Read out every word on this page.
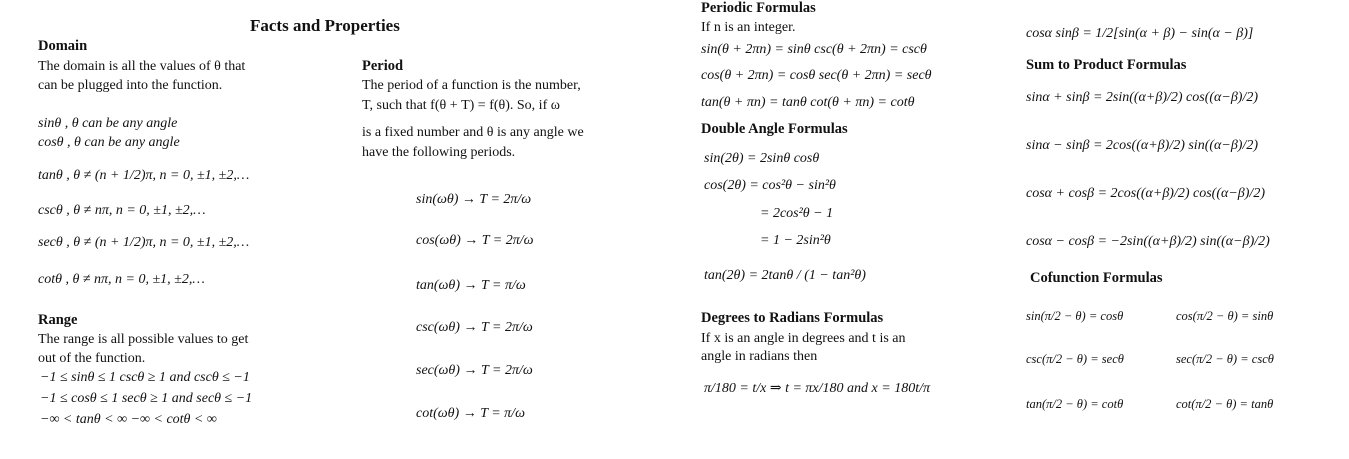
Facts and Properties
Domain
The domain is all the values of θ that
can be plugged into the function.
sinθ , θ can be any angle
cosθ , θ can be any angle
tanθ , θ ≠ (n + 1/2)π, n = 0, ±1, ±2,…
cscθ , θ ≠ nπ, n = 0, ±1, ±2,…
secθ , θ ≠ (n + 1/2)π, n = 0, ±1, ±2,…
cotθ , θ ≠ nπ, n = 0, ±1, ±2,…
Range
The range is all possible values to get
out of the function.
−1 ≤ sinθ ≤ 1 cscθ ≥ 1 and cscθ ≤ −1
−1 ≤ cosθ ≤ 1 secθ ≥ 1 and secθ ≤ −1
−∞ < tanθ < ∞ −∞ < cotθ < ∞
Period
The period of a function is the number,
T, such that f(θ + T) = f(θ). So, if ω
is a fixed number and θ is any angle we
have the following periods.
sin(ωθ) → T = 2π/ω
cos(ωθ) → T = 2π/ω
tan(ωθ) → T = π/ω
csc(ωθ) → T = 2π/ω
sec(ωθ) → T = 2π/ω
cot(ωθ) → T = π/ω
Periodic Formulas
If n is an integer.
sin(θ + 2πn) = sinθ csc(θ + 2πn) = cscθ
cos(θ + 2πn) = cosθ sec(θ + 2πn) = secθ
tan(θ + πn) = tanθ cot(θ + πn) = cotθ
Double Angle Formulas
sin(2θ) = 2sinθ cosθ
cos(2θ) = cos²θ − sin²θ
= 2cos²θ − 1
= 1 − 2sin²θ
tan(2θ) = 2tanθ / (1 − tan²θ)
Degrees to Radians Formulas
If x is an angle in degrees and t is an
angle in radians then
π/180 = t/x ⇒ t = πx/180 and x = 180t/π
cosα sinβ = 1/2[sin(α + β) − sin(α − β)]
Sum to Product Formulas
sinα + sinβ = 2sin((α+β)/2) cos((α−β)/2)
sinα − sinβ = 2cos((α+β)/2) sin((α−β)/2)
cosα + cosβ = 2cos((α+β)/2) cos((α−β)/2)
cosα − cosβ = −2sin((α+β)/2) sin((α−β)/2)
Cofunction Formulas
sin(π/2 − θ) = cosθ	cos(π/2 − θ) = sinθ
csc(π/2 − θ) = secθ	sec(π/2 − θ) = cscθ
tan(π/2 − θ) = cotθ	cot(π/2 − θ) = tanθ
